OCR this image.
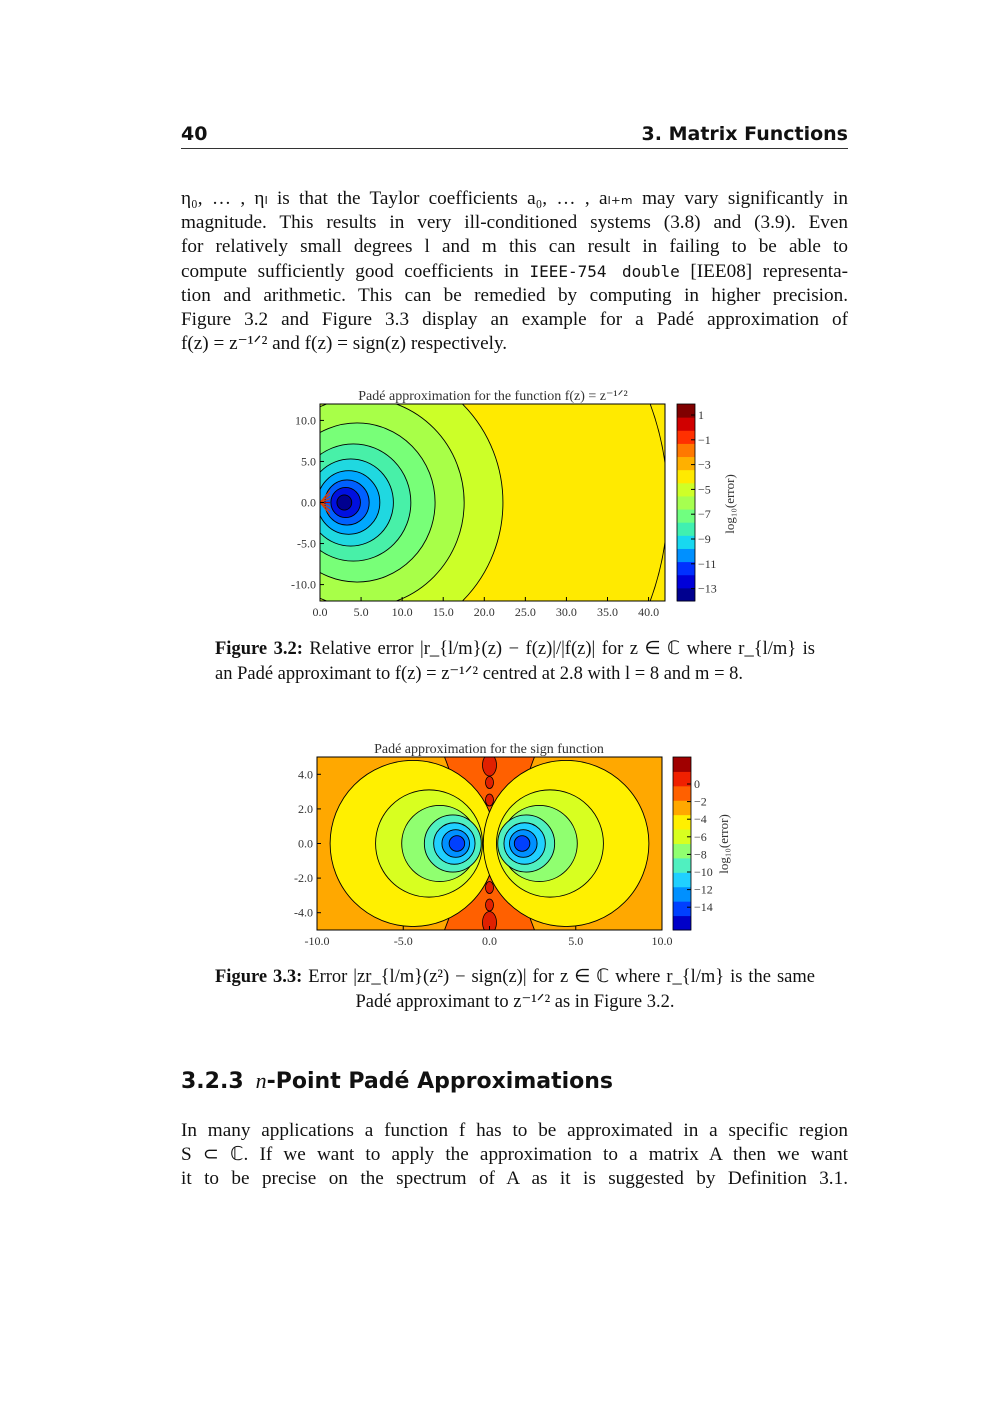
40	3. Matrix Functions

η₀, … , ηₗ is that the Taylor coefficients a₀, … , aₗ₊ₘ may vary significantly in

magnitude. This results in very ill-conditioned systems (3.8) and (3.9). Even

for relatively small degrees l and m this can result in failing to be able to

compute sufficiently good coefficients in IEEE-754 double [IEE08] representa-

tion and arithmetic. This can be remedied by computing in higher precision.

Figure 3.2 and Figure 3.3 display an example for a Padé approximation of

f(z) = z⁻¹ᐟ² and f(z) = sign(z) respectively.

Padé approximation for the function f(z) = z⁻¹ᐟ²
0.0 5.0 10.0 15.0 20.0 25.0 30.0 35.0 40.0
10.0
5.0
0.0
-5.0
-10.0
1
−1
−3
−5
−7
−9
−11
−13
log₁₀(error)

Figure 3.2: Relative error |r_{l/m}(z) − f(z)|/|f(z)| for z ∈ ℂ where r_{l/m} is

an Padé approximant to f(z) = z⁻¹ᐟ² centred at 2.8 with l = 8 and m = 8.

Padé approximation for the sign function
-10.0	-5.0	0.0	5.0	10.0
4.0
2.0
0.0
-2.0
-4.0
0
−2
−4
−6
−8
−10
−12
−14
log₁₀(error)

Figure 3.3: Error |zr_{l/m}(z²) − sign(z)| for z ∈ ℂ where r_{l/m} is the same

Padé approximant to z⁻¹ᐟ² as in Figure 3.2.

3.2.3 n-Point Padé Approximations

In many applications a function f has to be approximated in a specific region

S ⊂ ℂ. If we want to apply the approximation to a matrix A then we want

it to be precise on the spectrum of A as it is suggested by Definition 3.1.
